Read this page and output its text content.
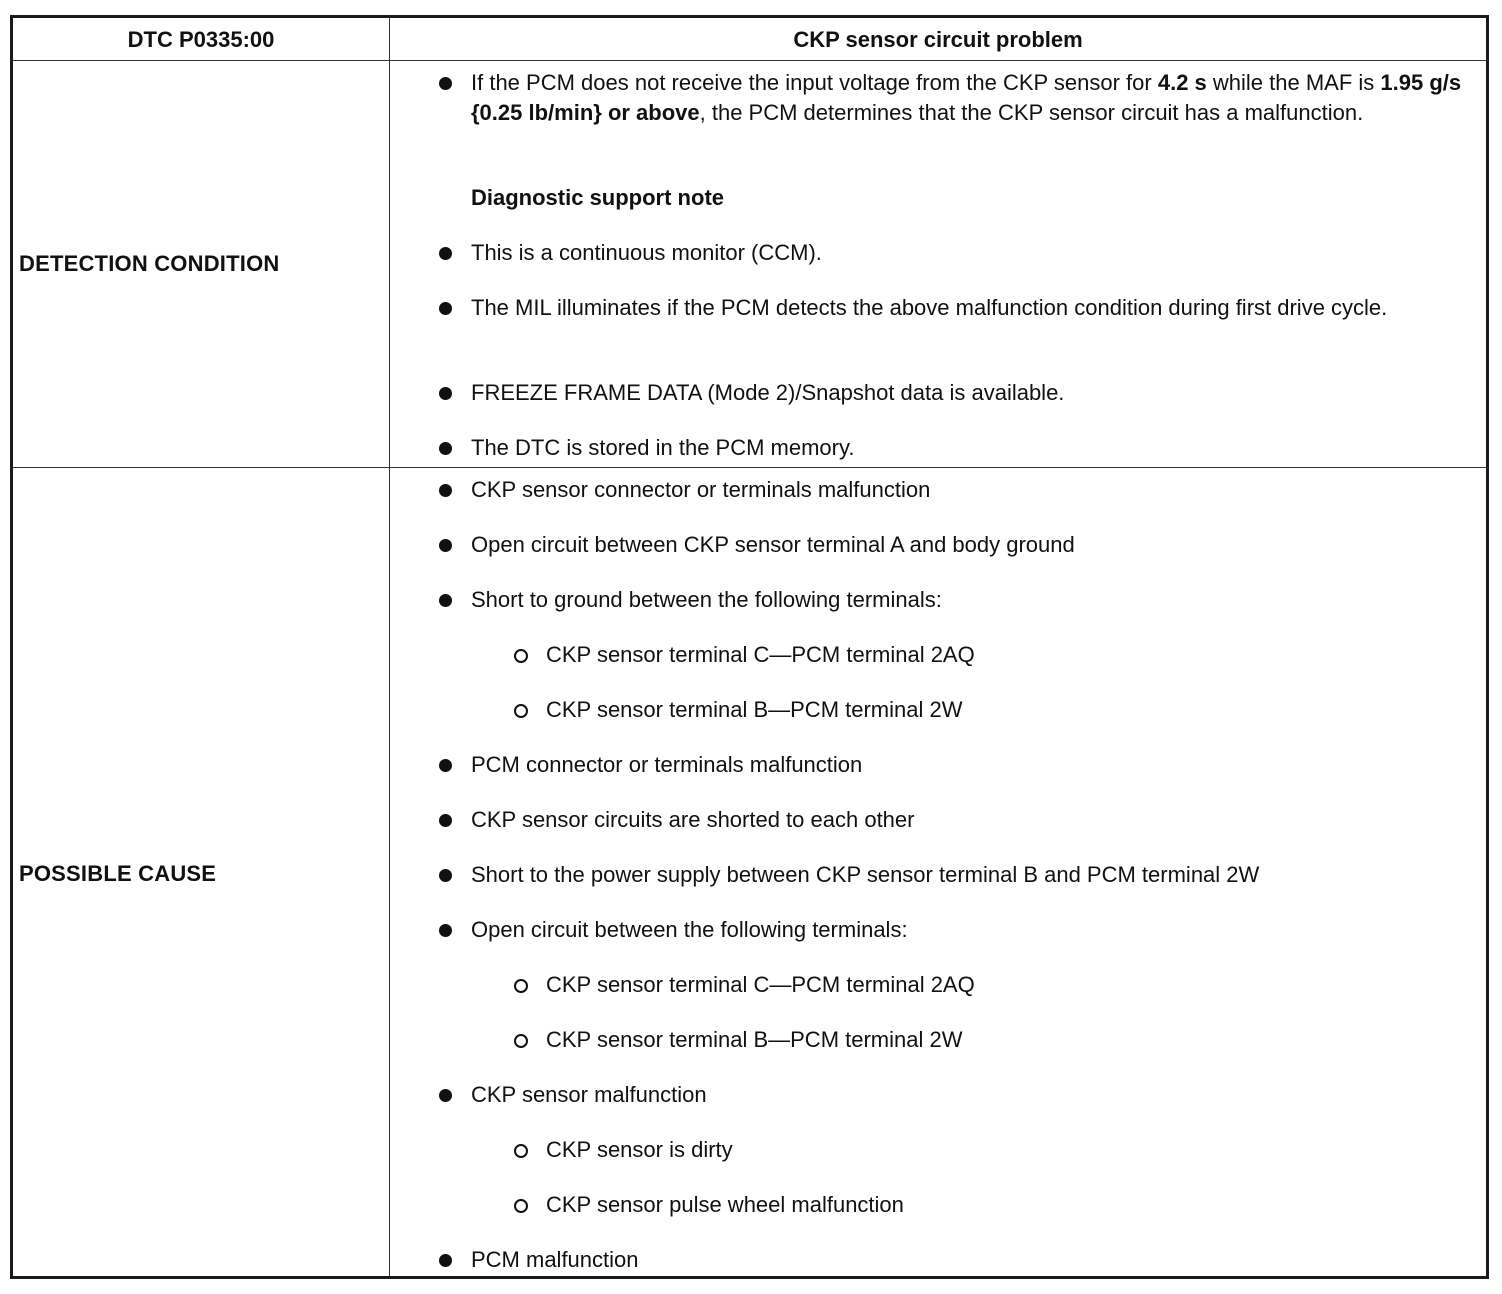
DTC P0335:00	CKP sensor circuit problem
DETECTION CONDITION
If the PCM does not receive the input voltage from the CKP sensor for 4.2 s while the MAF is 1.95 g/s {0.25 lb/min} or above, the PCM determines that the CKP sensor circuit has a malfunction.
Diagnostic support note
This is a continuous monitor (CCM).
The MIL illuminates if the PCM detects the above malfunction condition during first drive cycle.
FREEZE FRAME DATA (Mode 2)/Snapshot data is available.
The DTC is stored in the PCM memory.
POSSIBLE CAUSE
CKP sensor connector or terminals malfunction
Open circuit between CKP sensor terminal A and body ground
Short to ground between the following terminals:
CKP sensor terminal C—PCM terminal 2AQ
CKP sensor terminal B—PCM terminal 2W
PCM connector or terminals malfunction
CKP sensor circuits are shorted to each other
Short to the power supply between CKP sensor terminal B and PCM terminal 2W
Open circuit between the following terminals:
CKP sensor terminal C—PCM terminal 2AQ
CKP sensor terminal B—PCM terminal 2W
CKP sensor malfunction
CKP sensor is dirty
CKP sensor pulse wheel malfunction
PCM malfunction
